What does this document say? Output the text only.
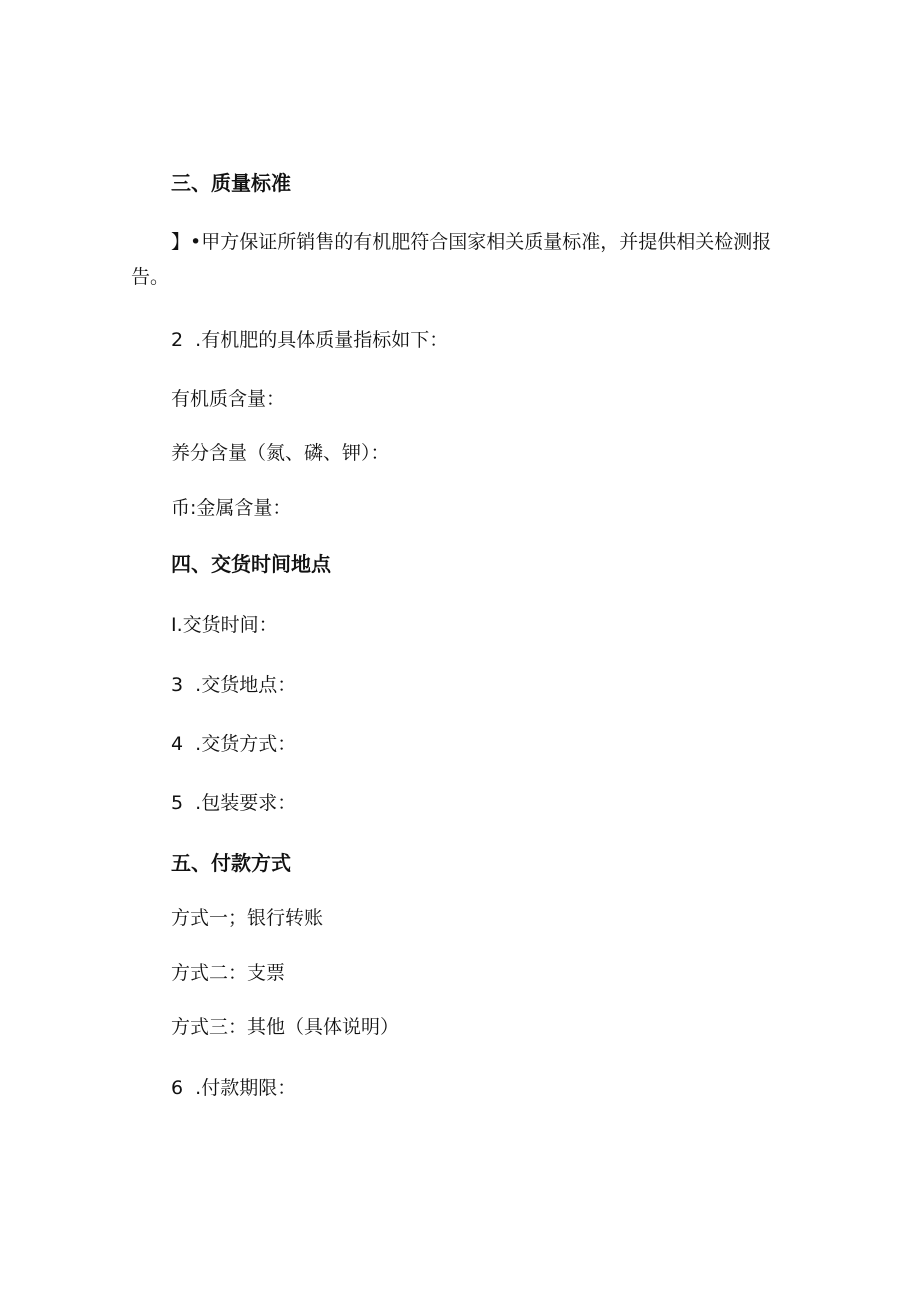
三、质量标准
】•甲方保证所销售的有机肥符合国家相关质量标准，并提供相关检测报
告。
2  .有机肥的具体质量指标如下：
有机质含量：
养分含量（氮、磷、钾）：
币:金属含量：
四、交货时间地点
I.交货时间：
3  .交货地点：
4  .交货方式：
5  .包装要求：
五、付款方式
方式一；银行转账
方式二：支票
方式三：其他（具体说明）
6  .付款期限：
